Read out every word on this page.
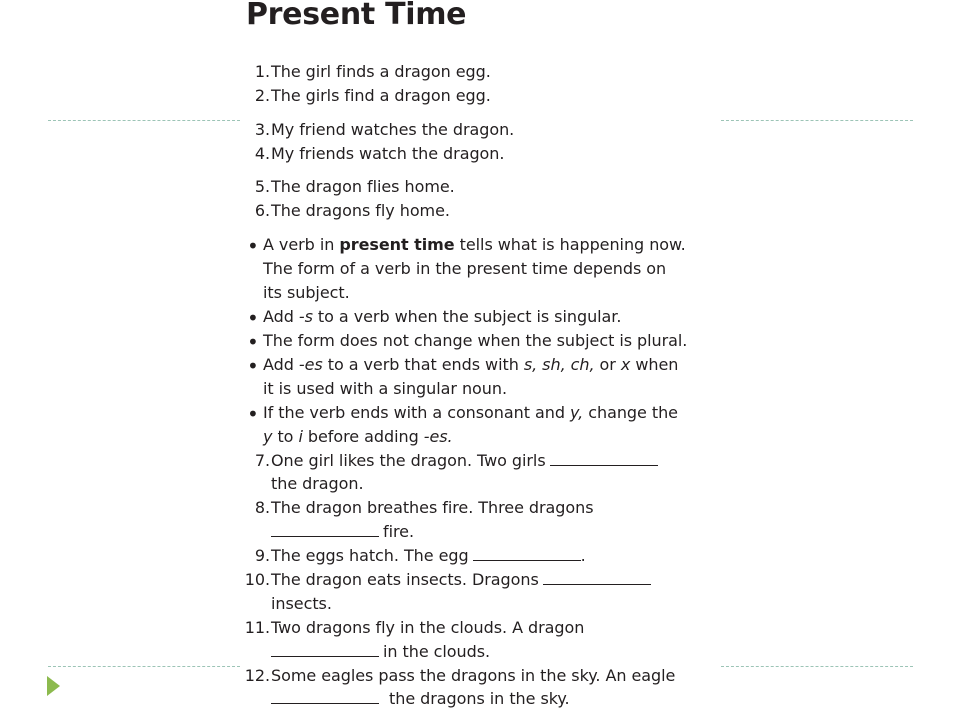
Present Time
1. The girl finds a dragon egg.
2. The girls find a dragon egg.
3. My friend watches the dragon.
4. My friends watch the dragon.
5. The dragon flies home.
6. The dragons fly home.
• A verb in present time tells what is happening now.
The form of a verb in the present time depends on
its subject.
• Add -s to a verb when the subject is singular.
• The form does not change when the subject is plural.
• Add -es to a verb that ends with s, sh, ch, or x when
it is used with a singular noun.
• If the verb ends with a consonant and y, change the
y to i before adding -es.
7. One girl likes the dragon. Two girls
the dragon.
8. The dragon breathes fire. Three dragons
fire.
9. The eggs hatch. The egg	.
10. The dragon eats insects. Dragons
insects.
11. Two dragons fly in the clouds. A dragon
in the clouds.
12. Some eagles pass the dragons in the sky. An eagle
the dragons in the sky.
